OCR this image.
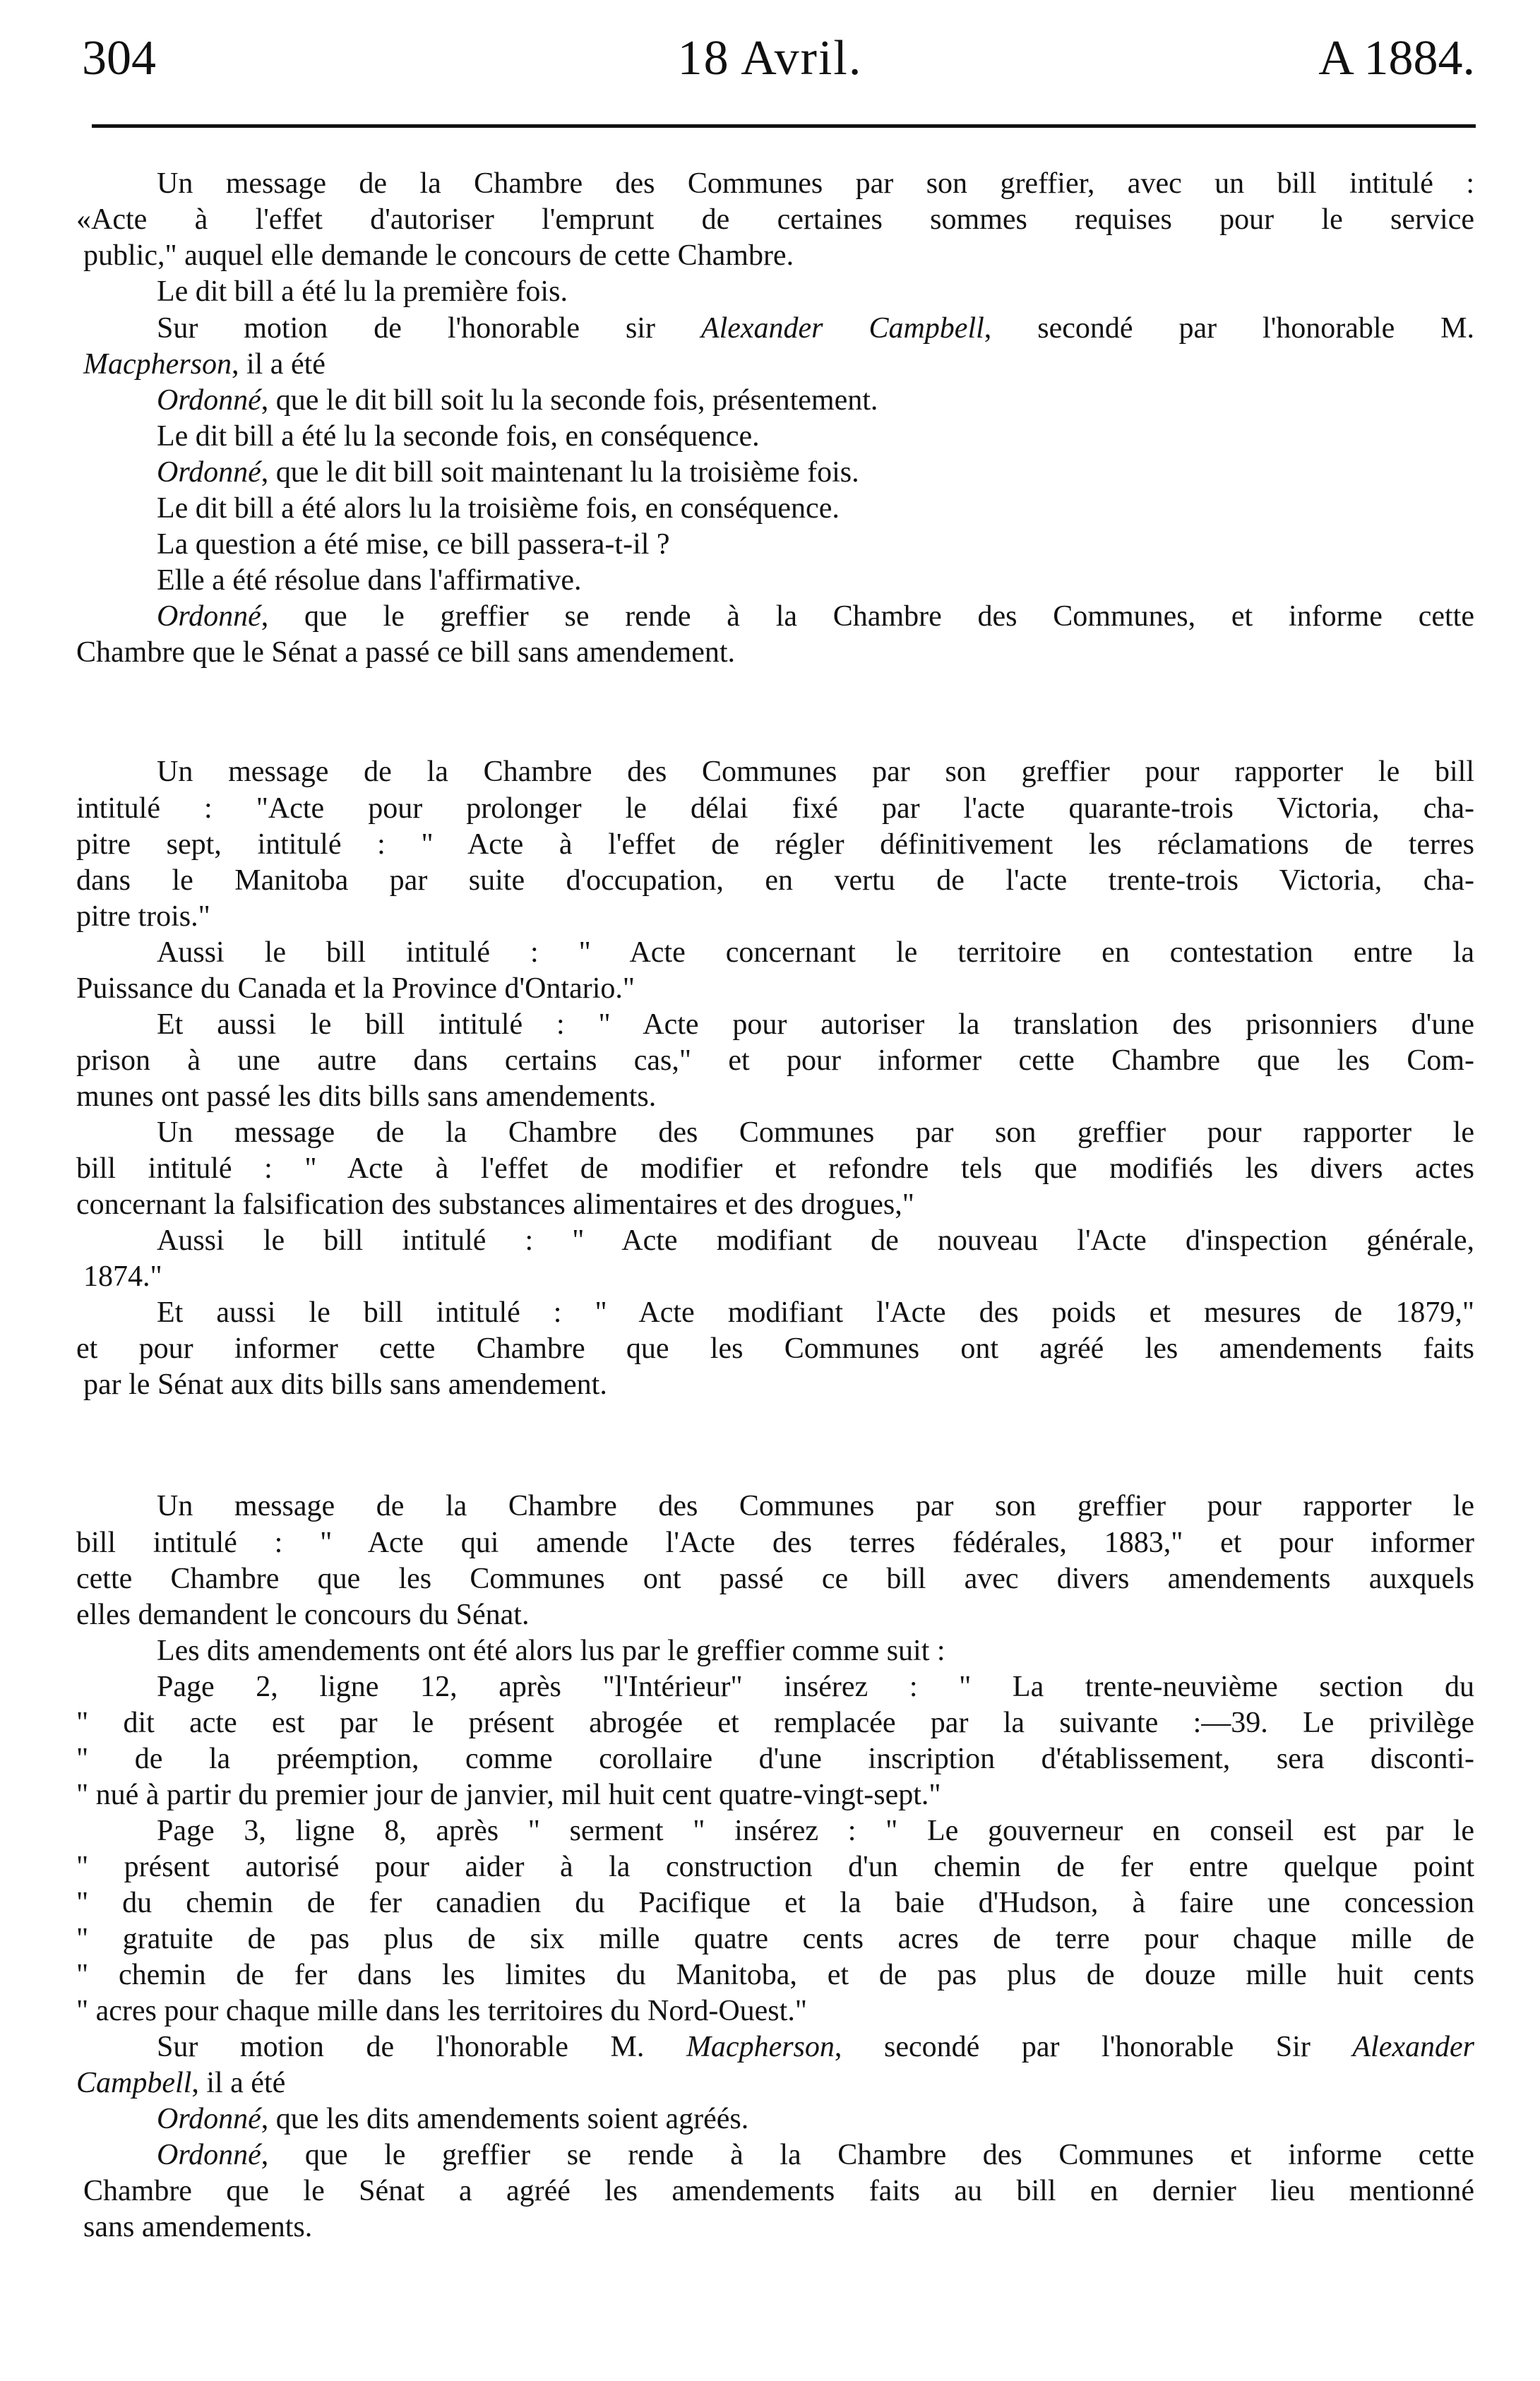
18 Avril.
304	A 1884.
Un message de la Chambre des Communes par son greffier, avec un bill intitulé :
«Acte à l'effet d'autoriser l'emprunt de certaines sommes requises pour le service
public," auquel elle demande le concours de cette Chambre.
Le dit bill a été lu la première fois.
Sur motion de l'honorable sir Alexander Campbell, secondé par l'honorable M.
Macpherson, il a été
Ordonné, que le dit bill soit lu la seconde fois, présentement.
Le dit bill a été lu la seconde fois, en conséquence.
Ordonné, que le dit bill soit maintenant lu la troisième fois.
Le dit bill a été alors lu la troisième fois, en conséquence.
La question a été mise, ce bill passera-t-il ?
Elle a été résolue dans l'affirmative.
Ordonné, que le greffier se rende à la Chambre des Communes, et informe cette
Chambre que le Sénat a passé ce bill sans amendement.
Un message de la Chambre des Communes par son greffier pour rapporter le bill
intitulé : "Acte pour prolonger le délai fixé par l'acte quarante-trois Victoria, cha-
pitre sept, intitulé : " Acte à l'effet de régler définitivement les réclamations de terres
dans le Manitoba par suite d'occupation, en vertu de l'acte trente-trois Victoria, cha-
pitre trois."
Aussi le bill intitulé : " Acte concernant le territoire en contestation entre la
Puissance du Canada et la Province d'Ontario."
Et aussi le bill intitulé : " Acte pour autoriser la translation des prisonniers d'une
prison à une autre dans certains cas," et pour informer cette Chambre que les Com-
munes ont passé les dits bills sans amendements.
Un message de la Chambre des Communes par son greffier pour rapporter le
bill intitulé : " Acte à l'effet de modifier et refondre tels que modifiés les divers actes
concernant la falsification des substances alimentaires et des drogues,"
Aussi le bill intitulé : " Acte modifiant de nouveau l'Acte d'inspection générale,
1874."
Et aussi le bill intitulé : " Acte modifiant l'Acte des poids et mesures de 1879,"
et pour informer cette Chambre que les Communes ont agréé les amendements faits
par le Sénat aux dits bills sans amendement.
Un message de la Chambre des Communes par son greffier pour rapporter le
bill intitulé : " Acte qui amende l'Acte des terres fédérales, 1883," et pour informer
cette Chambre que les Communes ont passé ce bill avec divers amendements auxquels
elles demandent le concours du Sénat.
Les dits amendements ont été alors lus par le greffier comme suit :
Page 2, ligne 12, après "l'Intérieur" insérez : " La trente-neuvième section du
" dit acte est par le présent abrogée et remplacée par la suivante :—39. Le privilège
" de la préemption, comme corollaire d'une inscription d'établissement, sera disconti-
" nué à partir du premier jour de janvier, mil huit cent quatre-vingt-sept."
Page 3, ligne 8, après " serment " insérez : " Le gouverneur en conseil est par le
" présent autorisé pour aider à la construction d'un chemin de fer entre quelque point
" du chemin de fer canadien du Pacifique et la baie d'Hudson, à faire une concession
" gratuite de pas plus de six mille quatre cents acres de terre pour chaque mille de
" chemin de fer dans les limites du Manitoba, et de pas plus de douze mille huit cents
" acres pour chaque mille dans les territoires du Nord-Ouest."
Sur motion de l'honorable M. Macpherson, secondé par l'honorable Sir Alexander
Campbell, il a été
Ordonné, que les dits amendements soient agréés.
Ordonné, que le greffier se rende à la Chambre des Communes et informe cette
Chambre que le Sénat a agréé les amendements faits au bill en dernier lieu mentionné
sans amendements.
